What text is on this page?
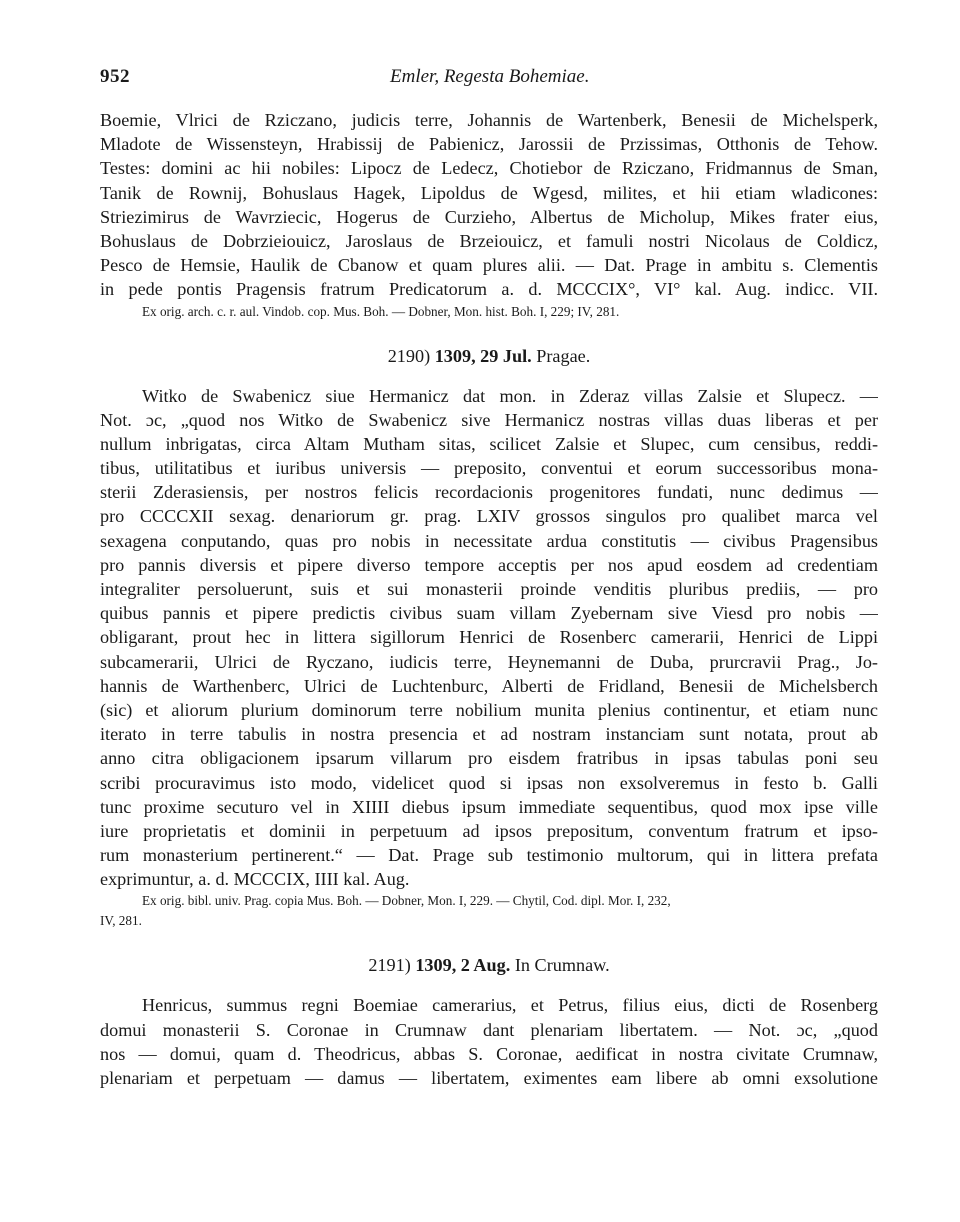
952	Emler, Regesta Bohemiae.
Boemie, Vlrici de Rziczano, judicis terre, Johannis de Wartenberk, Benesii de Michelsperk,
Mladote de Wissensteyn, Hrabissij de Pabienicz, Jarossii de Przissimas, Otthonis de Tehow.
Testes: domini ac hii nobiles: Lipocz de Ledecz, Chotiebor de Rziczano, Fridmannus de Sman,
Tanik de Rownij, Bohuslaus Hagek, Lipoldus de Wgesd, milites, et hii etiam wladicones:
Striezimirus de Wavrziecic, Hogerus de Curzieho, Albertus de Micholup, Mikes frater eius,
Bohuslaus de Dobrzieiouicz, Jaroslaus de Brzeiouicz, et famuli nostri Nicolaus de Coldicz,
Pesco de Hemsie, Haulik de Cbanow et quam plures alii. — Dat. Prage in ambitu s. Clementis
in pede pontis Pragensis fratrum Predicatorum a. d. MCCCIX°, VI° kal. Aug. indicc. VII.
Ex orig. arch. c. r. aul. Vindob. cop. Mus. Boh. — Dobner, Mon. hist. Boh. I, 229; IV, 281.
2190) 1309, 29 Jul. Pragae.
Witko de Swabenicz siue Hermanicz dat mon. in Zderaz villas Zalsie et Slupecz. —
Not. ɔc, „quod nos Witko de Swabenicz sive Hermanicz nostras villas duas liberas et per
nullum inbrigatas, circa Altam Mutham sitas, scilicet Zalsie et Slupec, cum censibus, reddi-
tibus, utilitatibus et iuribus universis — preposito, conventui et eorum successoribus mona-
sterii Zderasiensis, per nostros felicis recordacionis progenitores fundati, nunc dedimus —
pro CCCCXII sexag. denariorum gr. prag. LXIV grossos singulos pro qualibet marca vel
sexagena conputando, quas pro nobis in necessitate ardua constitutis — civibus Pragensibus
pro pannis diversis et pipere diverso tempore acceptis per nos apud eosdem ad credentiam
integraliter persoluerunt, suis et sui monasterii proinde venditis pluribus prediis, — pro
quibus pannis et pipere predictis civibus suam villam Zyebernam sive Viesd pro nobis —
obligarant, prout hec in littera sigillorum Henrici de Rosenberc camerarii, Henrici de Lippi
subcamerarii, Ulrici de Ryczano, iudicis terre, Heynemanni de Duba, prurcravii Prag., Jo-
hannis de Warthenberc, Ulrici de Luchtenburc, Alberti de Fridland, Benesii de Michelsberch
(sic) et aliorum plurium dominorum terre nobilium munita plenius continentur, et etiam nunc
iterato in terre tabulis in nostra presencia et ad nostram instanciam sunt notata, prout ab
anno citra obligacionem ipsarum villarum pro eisdem fratribus in ipsas tabulas poni seu
scribi procuravimus isto modo, videlicet quod si ipsas non exsolveremus in festo b. Galli
tunc proxime secuturo vel in XIIII diebus ipsum immediate sequentibus, quod mox ipse ville
iure proprietatis et dominii in perpetuum ad ipsos prepositum, conventum fratrum et ipso-
rum monasterium pertinerent.“ — Dat. Prage sub testimonio multorum, qui in littera prefata
exprimuntur, a. d. MCCCIX, IIII kal. Aug.
Ex orig. bibl. univ. Prag. copia Mus. Boh. — Dobner, Mon. I, 229. — Chytil, Cod. dipl. Mor. I, 232,
IV, 281.
2191) 1309, 2 Aug. In Crumnaw.
Henricus, summus regni Boemiae camerarius, et Petrus, filius eius, dicti de Rosenberg
domui monasterii S. Coronae in Crumnaw dant plenariam libertatem. — Not. ɔc, „quod
nos — domui, quam d. Theodricus, abbas S. Coronae, aedificat in nostra civitate Crumnaw,
plenariam et perpetuam — damus — libertatem, eximentes eam libere ab omni exsolutione
